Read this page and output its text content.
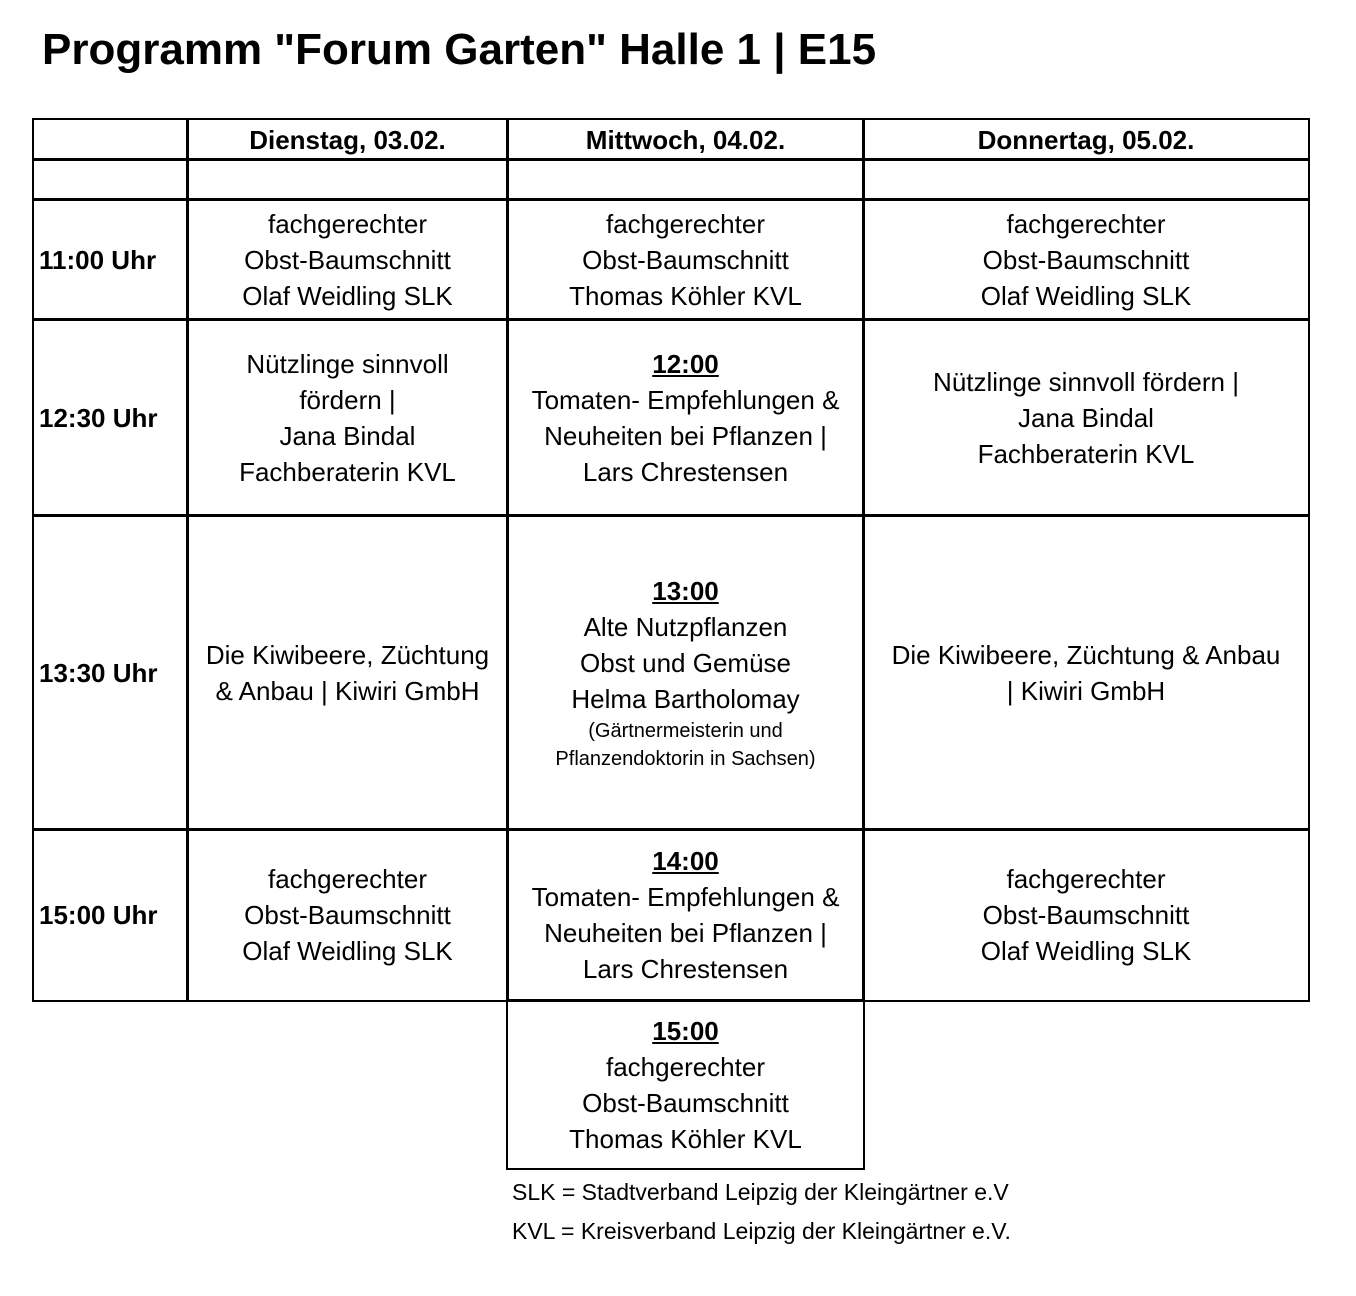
Programm "Forum Garten" Halle 1 | E15
Dienstag, 03.02.	Mittwoch, 04.02.	Donnertag, 05.02.
11:00 Uhr
fachgerechter
Obst-Baumschnitt
Olaf Weidling SLK
fachgerechter
Obst-Baumschnitt
Thomas Köhler KVL
fachgerechter
Obst-Baumschnitt
Olaf Weidling SLK
12:30 Uhr
Nützlinge sinnvoll
fördern |
Jana Bindal
Fachberaterin KVL
12:00
Tomaten- Empfehlungen &
Neuheiten bei Pflanzen |
Lars Chrestensen
Nützlinge sinnvoll fördern |
Jana Bindal
Fachberaterin KVL
13:30 Uhr
Die Kiwibeere, Züchtung
& Anbau | Kiwiri GmbH
13:00
Alte Nutzpflanzen
Obst und Gemüse
Helma Bartholomay
(Gärtnermeisterin und
Pflanzendoktorin in Sachsen)
Die Kiwibeere, Züchtung & Anbau
| Kiwiri GmbH
15:00 Uhr
fachgerechter
Obst-Baumschnitt
Olaf Weidling SLK
14:00
Tomaten- Empfehlungen &
Neuheiten bei Pflanzen |
Lars Chrestensen
fachgerechter
Obst-Baumschnitt
Olaf Weidling SLK
15:00
fachgerechter
Obst-Baumschnitt
Thomas Köhler KVL
SLK = Stadtverband Leipzig der Kleingärtner e.V
KVL = Kreisverband Leipzig der Kleingärtner e.V.
